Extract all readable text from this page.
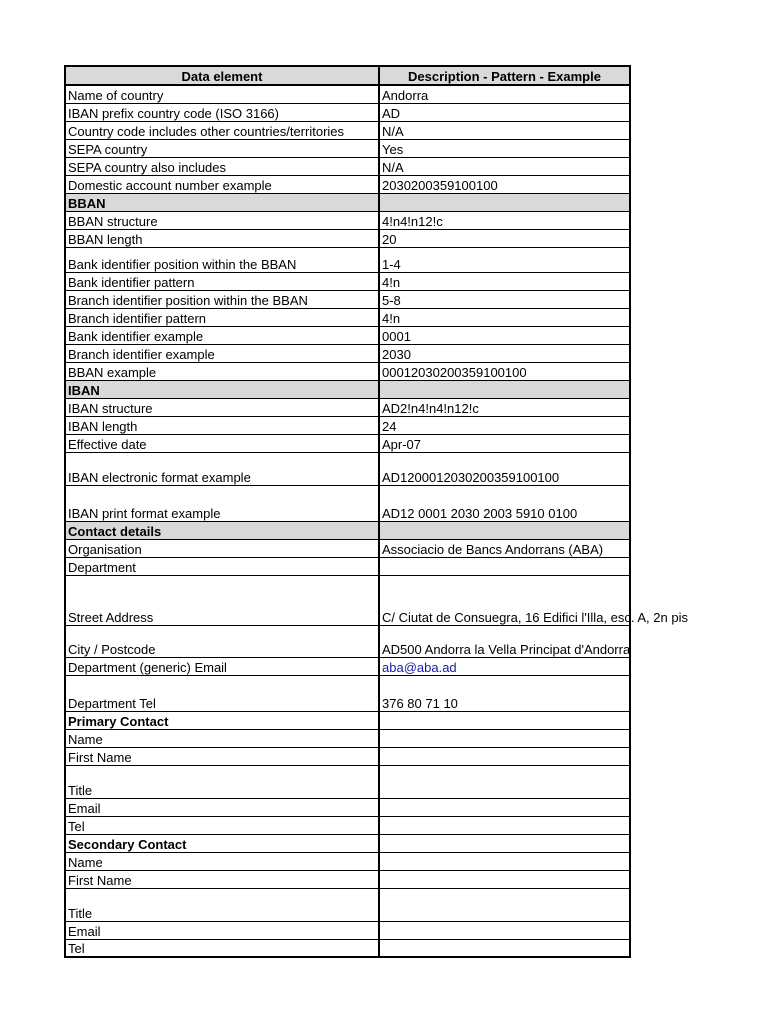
Data element	Description - Pattern - Example
Name of country	Andorra
IBAN prefix country code (ISO 3166)	AD
Country code includes other countries/territories	N/A
SEPA country	Yes
SEPA country also includes	N/A
Domestic account number example	2030200359100100
BBAN	
BBAN structure	4!n4!n12!c
BBAN length	20
Bank identifier position within the BBAN	1-4
Bank identifier pattern	4!n
Branch identifier position within the BBAN	5-8
Branch identifier pattern	4!n
Bank identifier example	0001
Branch identifier example	2030
BBAN example	00012030200359100100
IBAN	
IBAN structure	AD2!n4!n4!n12!c
IBAN length	24
Effective date	Apr-07
IBAN electronic format example	AD1200012030200359100100
IBAN print format example	AD12 0001 2030 2003 5910 0100
Contact details	
Organisation	Associacio de Bancs Andorrans (ABA)
Department	
Street Address	C/ Ciutat de Consuegra, 16 Edifici l'Illa, esc. A, 2n pis
City / Postcode	AD500 Andorra la Vella Principat d'Andorra
Department (generic) Email	aba@aba.ad
Department Tel	376 80 71 10
Primary Contact	
Name	
First Name	
Title	
Email	
Tel	
Secondary Contact	
Name	
First Name	
Title	
Email	
Tel	
